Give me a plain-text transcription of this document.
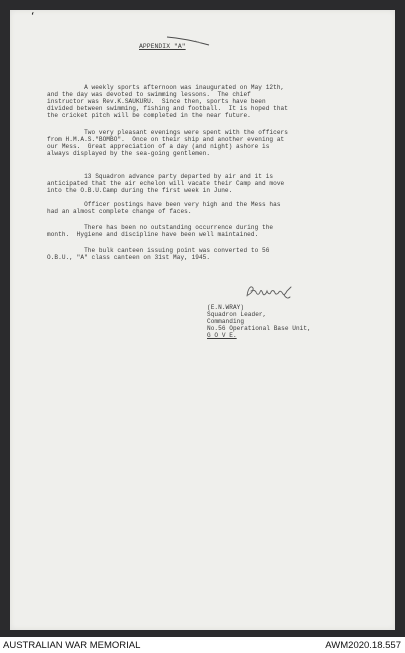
‘
APPENDIX "A"
A weekly sports afternoon was inaugurated on May 12th,
and the day was devoted to swimming lessons.  The chief
instructor was Rev.K.SAUKURU.  Since then, sports have been
divided between swimming, fishing and football.  It is hoped that
the cricket pitch will be completed in the near future.
Two very pleasant evenings were spent with the officers
from H.M.A.S."BOMBO".  Once on their ship and another evening at
our Mess.  Great appreciation of a day (and night) ashore is
always displayed by the sea-going gentlemen.
13 Squadron advance party departed by air and it is
anticipated that the air echelon will vacate their Camp and move
into the O.B.U.Camp during the first week in June.
Officer postings have been very high and the Mess has
had an almost complete change of faces.
There has been no outstanding occurrence during the
month.  Hygiene and discipline have been well maintained.
The bulk canteen issuing point was converted to 56
O.B.U., "A" class canteen on 31st May, 1945.
(E.N.WRAY)
Squadron Leader,
Commanding
No.56 Operational Base Unit,
G O V E.
AUSTRALIAN WAR MEMORIAL	AWM2020.18.557
